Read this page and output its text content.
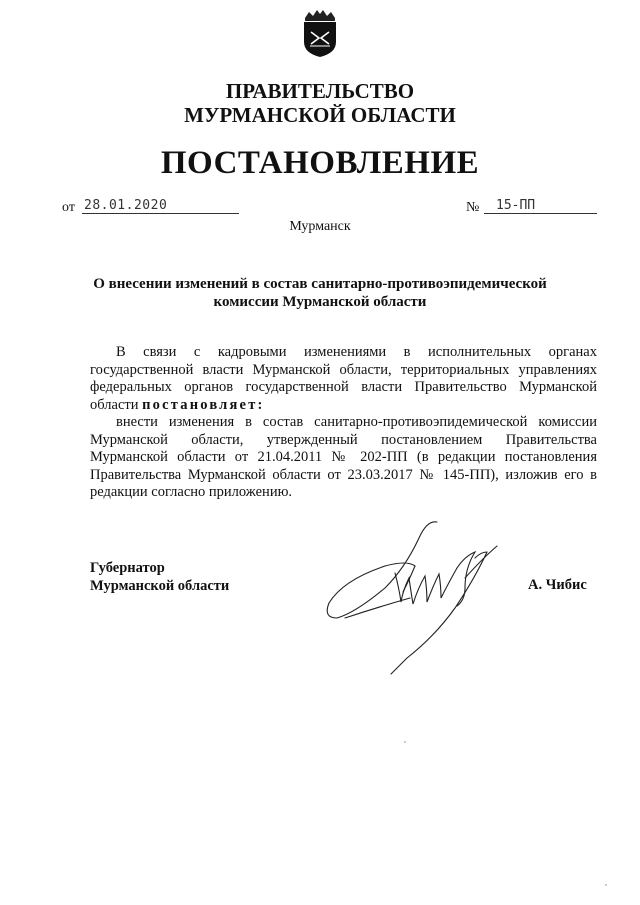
ПРАВИТЕЛЬСТВО
МУРМАНСКОЙ ОБЛАСТИ
ПОСТАНОВЛЕНИЕ
от 28.01.2020	№	15-ПП
Мурманск
О внесении изменений в состав санитарно-противоэпидемической
комиссии Мурманской области

В связи с кадровыми изменениями в исполнительных органах государственной власти Мурманской области, территориальных управлениях федеральных органов государственной власти Правительство Мурманской области постановляет:

внести изменения в состав санитарно-противоэпидемической комиссии Мурманской области, утвержденный постановлением Правительства Мурманской области от 21.04.2011 № 202-ПП (в редакции постановления Правительства Мурманской области от 23.03.2017 № 145-ПП), изложив его в редакции согласно приложению.

Губернатор
Мурманской области	А. Чибис
